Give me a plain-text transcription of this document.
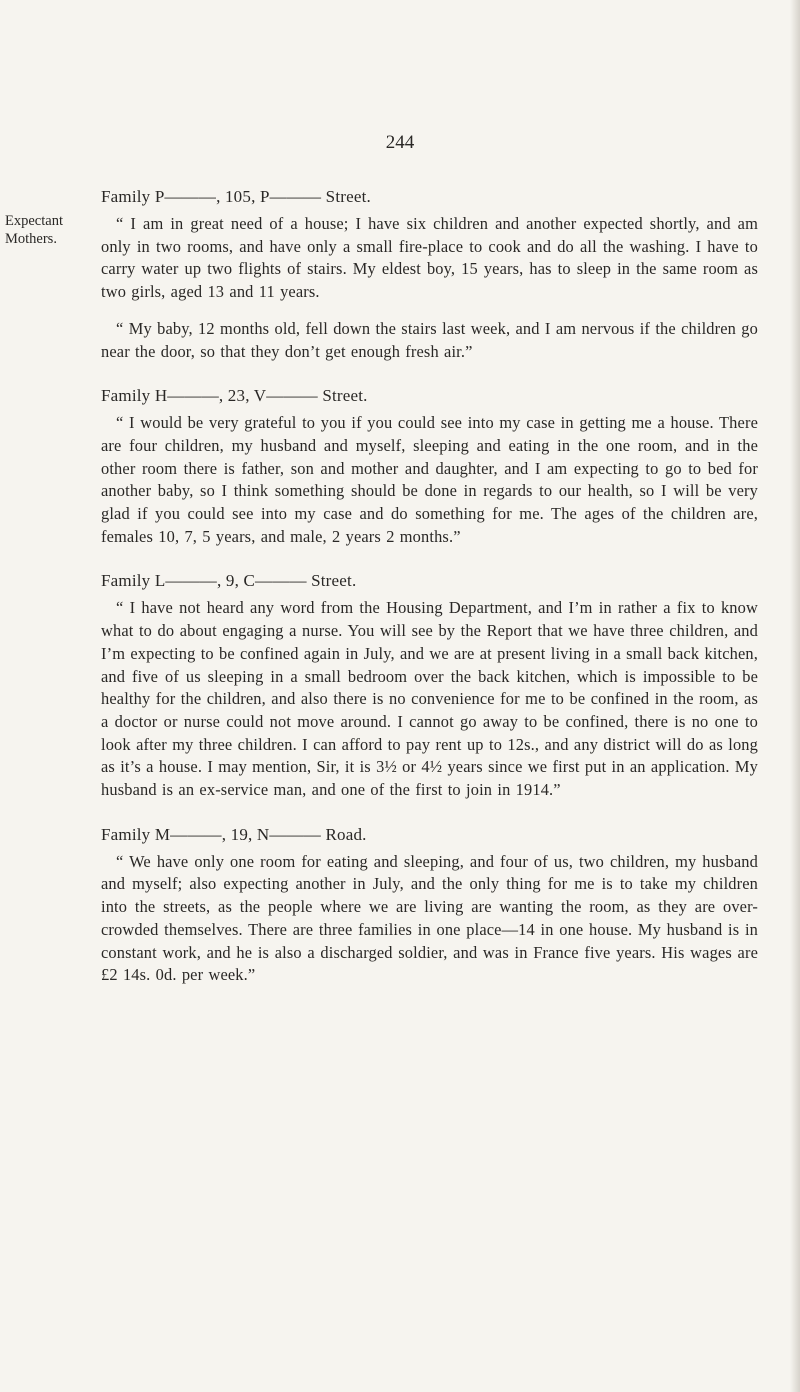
244
Expectant Mothers.
Family P———, 105, P——— Street.

“ I am in great need of a house; I have six children and another expected shortly, and am only in two rooms, and have only a small fire-place to cook and do all the washing. I have to carry water up two flights of stairs. My eldest boy, 15 years, has to sleep in the same room as two girls, aged 13 and 11 years.

“ My baby, 12 months old, fell down the stairs last week, and I am nervous if the children go near the door, so that they don’t get enough fresh air.”

Family H———, 23, V——— Street.

“ I would be very grateful to you if you could see into my case in getting me a house. There are four children, my husband and myself, sleeping and eating in the one room, and in the other room there is father, son and mother and daughter, and I am expecting to go to bed for another baby, so I think something should be done in regards to our health, so I will be very glad if you could see into my case and do something for me. The ages of the children are, females 10, 7, 5 years, and male, 2 years 2 months.”

Family L———, 9, C——— Street.

“ I have not heard any word from the Housing Department, and I’m in rather a fix to know what to do about engaging a nurse. You will see by the Report that we have three children, and I’m expecting to be confined again in July, and we are at present living in a small back kitchen, and five of us sleeping in a small bedroom over the back kitchen, which is impossible to be healthy for the children, and also there is no convenience for me to be confined in the room, as a doctor or nurse could not move around. I cannot go away to be confined, there is no one to look after my three children. I can afford to pay rent up to 12s., and any district will do as long as it’s a house. I may mention, Sir, it is 3½ or 4½ years since we first put in an application. My husband is an ex-service man, and one of the first to join in 1914.”

Family M———, 19, N——— Road.

“ We have only one room for eating and sleeping, and four of us, two children, my husband and myself; also expecting another in July, and the only thing for me is to take my children into the streets, as the people where we are living are wanting the room, as they are over-crowded themselves. There are three families in one place—14 in one house. My husband is in constant work, and he is also a discharged soldier, and was in France five years. His wages are £2 14s. 0d. per week.”
